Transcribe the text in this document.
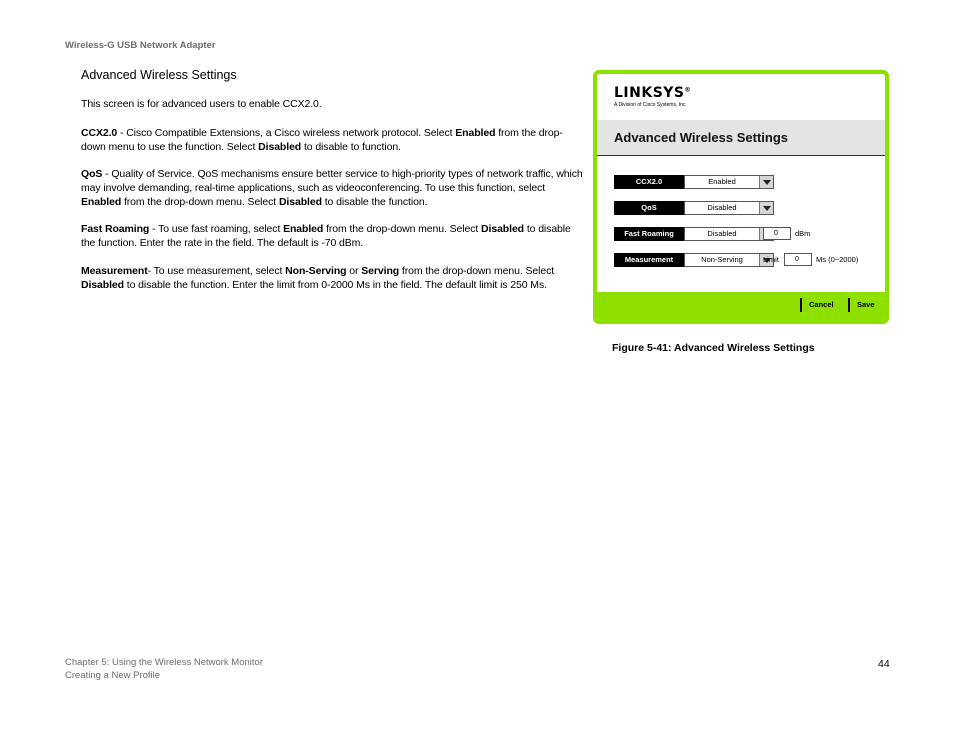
Wireless-G USB Network Adapter
Advanced Wireless Settings
This screen is for advanced users to enable CCX2.0.
CCX2.0 - Cisco Compatible Extensions, a Cisco wireless network protocol. Select Enabled from the drop-down menu to use the function. Select Disabled to disable to function.
QoS - Quality of Service. QoS mechanisms ensure better service to high-priority types of network traffic, which may involve demanding, real-time applications, such as videoconferencing. To use this function, select Enabled from the drop-down menu. Select Disabled to disable the function.
Fast Roaming - To use fast roaming, select Enabled from the drop-down menu. Select Disabled to disable the function. Enter the rate in the field. The default is -70 dBm.
Measurement- To use measurement, select Non-Serving or Serving from the drop-down menu. Select Disabled to disable the function. Enter the limit from 0-2000 Ms in the field. The default limit is 250 Ms.
LINKSYS®
A Division of Cisco Systems, Inc.
Advanced Wireless Settings
CCX2.0	Enabled
QoS	Disabled
Fast Roaming	Disabled	0	dBm
Measurement	Non-Serving	Limit	0	Ms (0~2000)
Cancel	Save
Figure 5-41: Advanced Wireless Settings
Chapter 5: Using the Wireless Network Monitor
Creating a New Profile
44
